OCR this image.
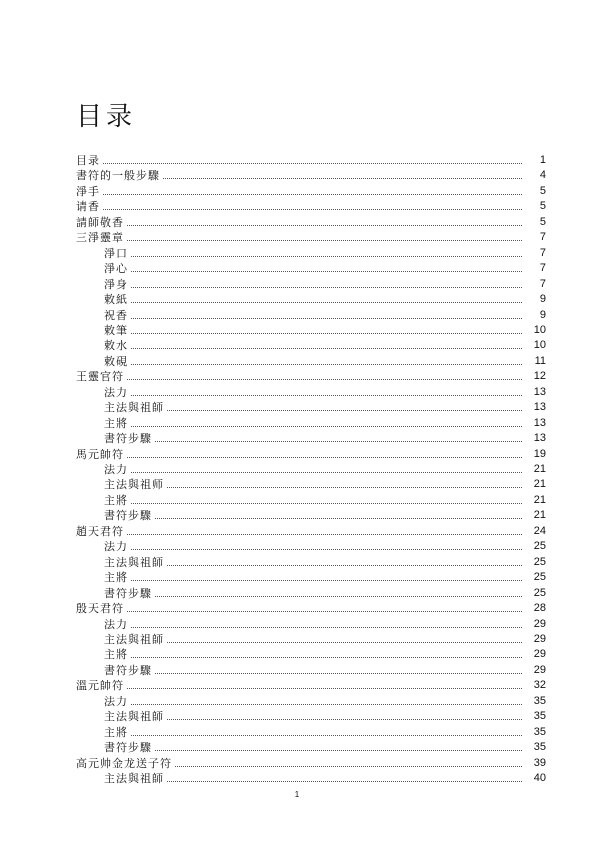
目录
目录	1
書符的一般步驟	4
淨手	5
请香	5
請師敬香	5
三淨靈章	7
淨口	7
淨心	7
淨身	7
敕紙	9
祝香	9
敕筆	10
敕水	10
敕硯	11
王靈官符	12
法力	13
主法與祖師	13
主將	13
書符步驟	13
馬元帥符	19
法力	21
主法與祖师	21
主將	21
書符步驟	21
趙天君符	24
法力	25
主法與祖師	25
主將	25
書符步驟	25
殷天君符	28
法力	29
主法與祖師	29
主將	29
書符步驟	29
溫元帥符	32
法力	35
主法與祖師	35
主將	35
書符步驟	35
高元帅金龙送子符	39
主法與祖師	40
1
